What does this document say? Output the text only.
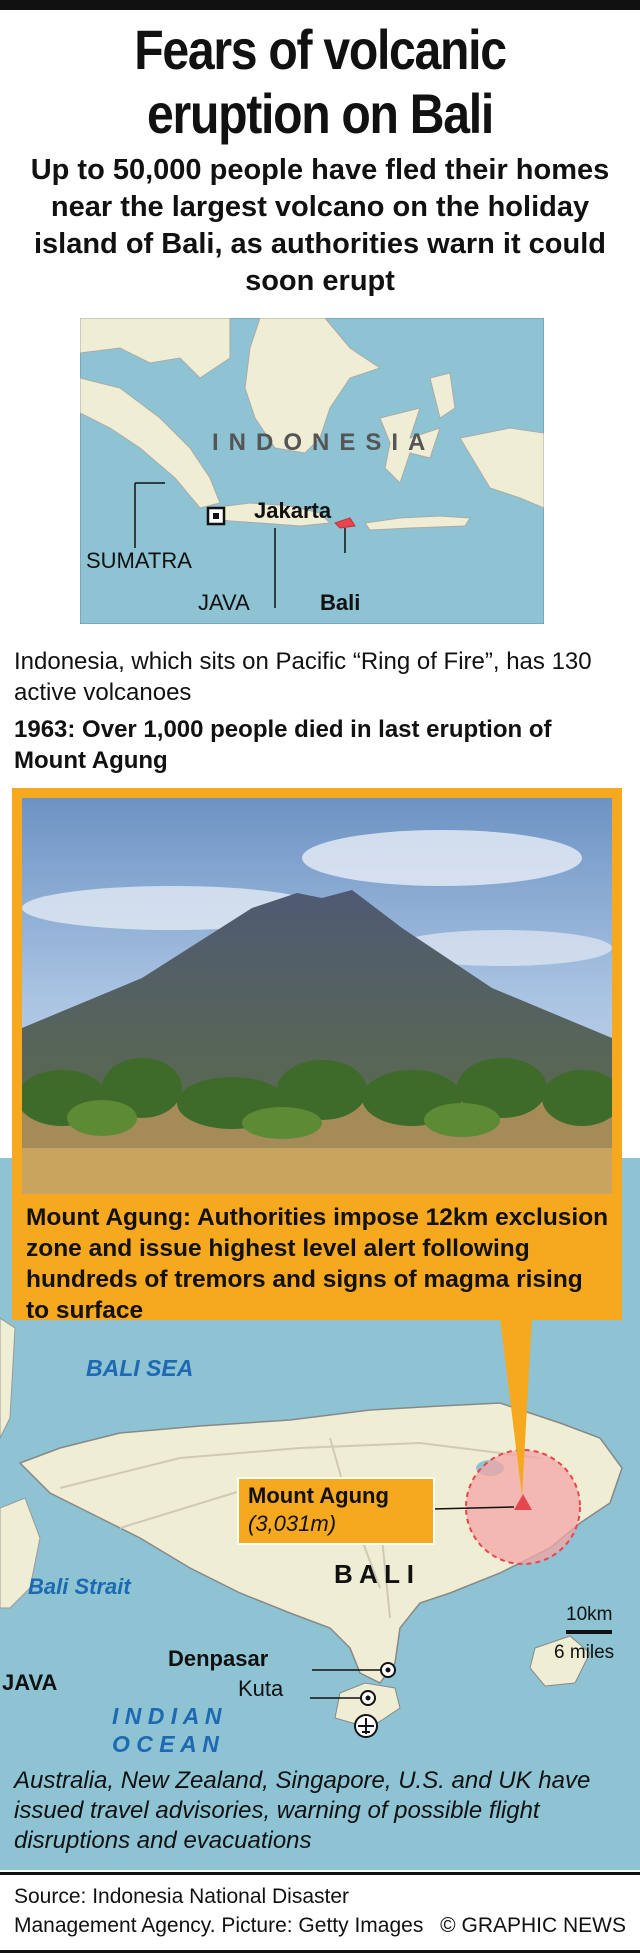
Fears of volcanic
eruption on Bali
Up to 50,000 people have fled their homes near the largest volcano on the holiday island of Bali, as authorities warn it could soon erupt
INDONESIA
Jakarta
SUMATRA
JAVA	Bali
Indonesia, which sits on Pacific “Ring of Fire”, has 130 active volcanoes
1963: Over 1,000 people died in last eruption of Mount Agung
Mount Agung
(3,031m)
10km
6 miles
BALI SEA
Bali Strait	B A L I
JAVA
I N D I A N
O C E A N
Denpasar
Kuta
Mount Agung: Authorities impose 12km exclusion zone and issue highest level alert following hundreds of tremors and signs of magma rising to surface
Australia, New Zealand, Singapore, U.S. and UK have issued travel advisories, warning of possible flight disruptions and evacuations
Source: Indonesia National Disaster Management Agency. Picture: Getty Images © GRAPHIC NEWS
